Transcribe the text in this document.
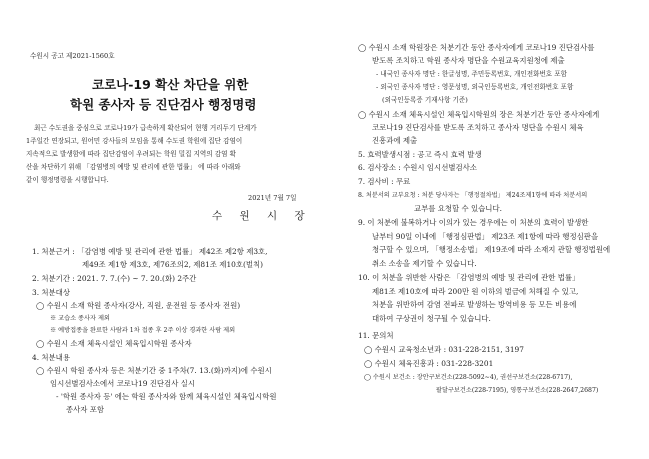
수원시 공고 제2021-1560호
코로나-19 확산 차단을 위한
학원 종사자 등 진단검사 행정명령
최근 수도권을 중심으로 코로나19가 급속하게 확산되어 현행 거리두기 단계가
1주일간 연장되고, 원어민 강사들의 모임을 통해 수도권 학원에 집단 감염이
지속적으로 발생함에 따라 집단감염이 우려되는 학원 밀집 지역의 감염 확
산을 차단하기 위해 「감염병의 예방 및 관리에 관한 법률」 에 따라 아래와
같이 행정명령을 시행합니다.
2021년 7월 7일
수 원 시 장
1. 처분근거 : 「감염병 예방 및 관리에 관한 법률」 제42조 제2항 제3호,
제49조 제1항 제3호, 제76조의2, 제81조 제10호(벌칙)
2. 처분기간 : 2021. 7. 7.(수) ~ 7. 20.(화) 2주간
3. 처분대상
◯ 수원시 소재 학원 종사자(강사, 직원, 운전원 등 종사자 전원)
※ 교습소 종사자 제외
※ 예방접종을 완료한 사람과 1차 접종 후 2주 이상 경과한 사람 제외
◯ 수원시 소재 체육시설인 체육입시학원 종사자
4. 처분내용
◯ 수원시 학원 종사자 등은 처분기간 중 1주차(7. 13.(화)까지)에 수원시
임시선별검사소에서 코로나19 진단검사 실시
- '학원 종사자 등' 에는 학원 종사자와 함께 체육시설인 체육입시학원
종사자 포함
◯ 수원시 소재 학원장은 처분기간 동안 종사자에게 코로나19 진단검사를
받도록 조치하고 학원 종사자 명단을 수원교육지원청에 제출
- 내국인 종사자 명단 : 한글성명, 주민등록번호, 개인전화번호 포함
- 외국인 종사자 명단 : 영문성명, 외국인등록번호, 개인전화번호 포함
(외국인등록증 기재사항 기준)
◯ 수원시 소재 체육시설인 체육입시학원의 장은 처분기간 동안 종사자에게
코로나19 진단검사를 받도록 조치하고 종사자 명단을 수원시 체육
진흥과에 제출
5. 효력발생시점 : 공고 즉시 효력 발생
6. 검사장소 : 수원시 임시선별검사소
7. 검사비 : 무료
8. 처분서의 교부요청 : 처분 당사자는 「행정절차법」 제24조제1항에 따라 처분서의
교부를 요청할 수 있습니다.
9. 이 처분에 불복하거나 이의가 있는 경우에는 이 처분의 효력이 발생한
날부터 90일 이내에 「행정심판법」 제23조 제1항에 따라 행정심판을
청구할 수 있으며, 「행정소송법」 제19조에 따라 소재지 관할 행정법원에
취소 소송을 제기할 수 있습니다.
10. 이 처분을 위반한 사람은 「감염병의 예방 및 관리에 관한 법률」
제81조 제10호에 따라 200만 원 이하의 벌금에 처해질 수 있고,
처분을 위반하여 감염 전파로 발생하는 방역비용 등 모든 비용에
대하여 구상권이 청구될 수 있습니다.
11. 문의처
◯ 수원시 교육청소년과 : 031-228-2151, 3197
◯ 수원시 체육진흥과 : 031-228-3201
◯ 수원시 보건소 : 장안구보건소(228-5092~4), 권선구보건소(228-6717),
팔달구보건소(228-7195), 영통구보건소(228-2647,2687)
